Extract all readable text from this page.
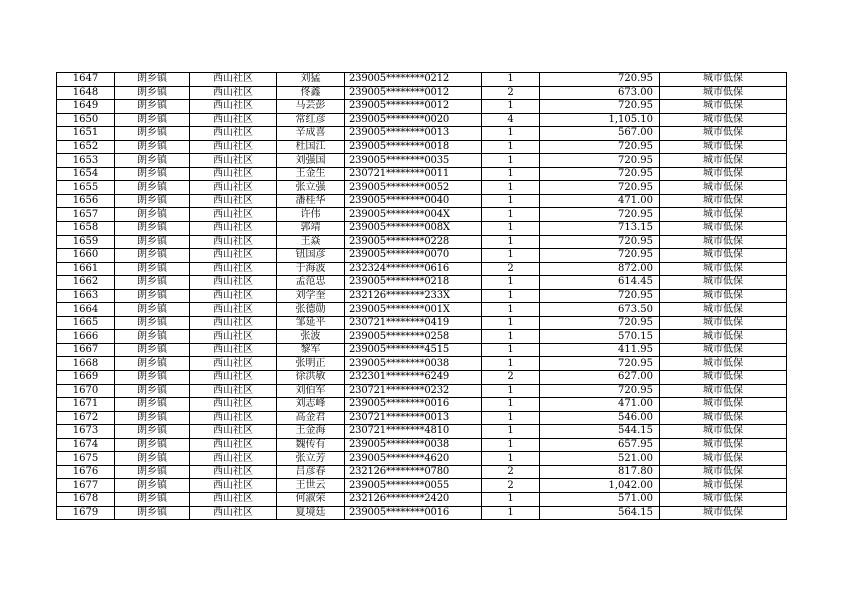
1647	朗乡镇	西山社区	刘猛	239005********0212	1	720.95	城市低保
1648	朗乡镇	西山社区	佟鑫	239005********0012	2	673.00	城市低保
1649	朗乡镇	西山社区	马芸彭	239005********0012	1	720.95	城市低保
1650	朗乡镇	西山社区	常红彦	239005********0020	4	1,105.10	城市低保
1651	朗乡镇	西山社区	辛成喜	239005********0013	1	567.00	城市低保
1652	朗乡镇	西山社区	杜国江	239005********0018	1	720.95	城市低保
1653	朗乡镇	西山社区	刘强国	239005********0035	1	720.95	城市低保
1654	朗乡镇	西山社区	王金生	230721********0011	1	720.95	城市低保
1655	朗乡镇	西山社区	张立强	239005********0052	1	720.95	城市低保
1656	朗乡镇	西山社区	潘桂华	239005********0040	1	471.00	城市低保
1657	朗乡镇	西山社区	许伟	239005********004X	1	720.95	城市低保
1658	朗乡镇	西山社区	郭靖	239005********008X	1	713.15	城市低保
1659	朗乡镇	西山社区	王焱	239005********0228	1	720.95	城市低保
1660	朗乡镇	西山社区	钮国彦	239005********0070	1	720.95	城市低保
1661	朗乡镇	西山社区	于海波	232324********0616	2	872.00	城市低保
1662	朗乡镇	西山社区	孟范忠	239005********0218	1	614.45	城市低保
1663	朗乡镇	西山社区	刘学奎	232126********233X	1	720.95	城市低保
1664	朗乡镇	西山社区	张德勋	239005********001X	1	673.50	城市低保
1665	朗乡镇	西山社区	邹延平	230721********0419	1	720.95	城市低保
1666	朗乡镇	西山社区	张波	239005********0258	1	570.15	城市低保
1667	朗乡镇	西山社区	黎军	239005********4515	1	411.95	城市低保
1668	朗乡镇	西山社区	张明正	239005********0038	1	720.95	城市低保
1669	朗乡镇	西山社区	徐洪敏	232301********6249	2	627.00	城市低保
1670	朗乡镇	西山社区	刘伯军	230721********0232	1	720.95	城市低保
1671	朗乡镇	西山社区	刘志峰	239005********0016	1	471.00	城市低保
1672	朗乡镇	西山社区	高金君	230721********0013	1	546.00	城市低保
1673	朗乡镇	西山社区	王金海	230721********4810	1	544.15	城市低保
1674	朗乡镇	西山社区	魏传有	239005********0038	1	657.95	城市低保
1675	朗乡镇	西山社区	张立芳	239005********4620	1	521.00	城市低保
1676	朗乡镇	西山社区	吕彦春	232126********0780	2	817.80	城市低保
1677	朗乡镇	西山社区	王世云	239005********0055	2	1,042.00	城市低保
1678	朗乡镇	西山社区	何淑荣	232126********2420	1	571.00	城市低保
1679	朗乡镇	西山社区	夏境廷	239005********0016	1	564.15	城市低保
